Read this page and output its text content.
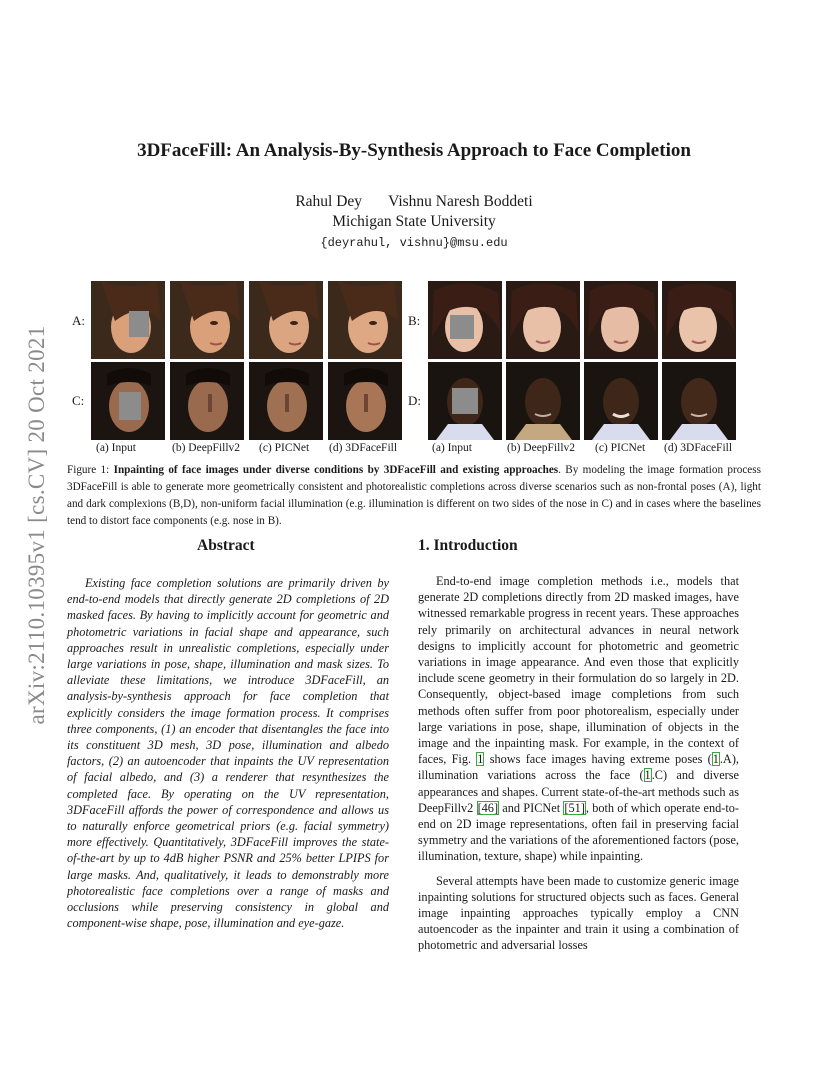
arXiv:2110.10395v1 [cs.CV] 20 Oct 2021
3DFaceFill: An Analysis-By-Synthesis Approach to Face Completion
Rahul Dey Vishnu Naresh Boddeti
Michigan State University
{deyrahul, vishnu}@msu.edu
A:	B:
C:	D:
(a) Input	(b) DeepFillv2 (c) PICNet (d) 3DFaceFill	(a) Input	(b) DeepFillv2 (c) PICNet (d) 3DFaceFill
Figure 1: Inpainting of face images under diverse conditions by 3DFaceFill and existing approaches. By modeling the image formation process 3DFaceFill is able to generate more geometrically consistent and photorealistic completions across diverse scenarios such as non-frontal poses (A), light and dark complexions (B,D), non-uniform facial illumination (e.g. illumination is different on two sides of the nose in C) and in cases where the baselines tend to distort face components (e.g. nose in B).
Abstract
Existing face completion solutions are primarily driven by end-to-end models that directly generate 2D completions of 2D masked faces. By having to implicitly account for geometric and photometric variations in facial shape and appearance, such approaches result in unrealistic completions, especially under large variations in pose, shape, illumination and mask sizes. To alleviate these limitations, we introduce 3DFaceFill, an analysis-by-synthesis approach for face completion that explicitly considers the image formation process. It comprises three components, (1) an encoder that disentangles the face into its constituent 3D mesh, 3D pose, illumination and albedo factors, (2) an autoencoder that inpaints the UV representation of facial albedo, and (3) a renderer that resynthesizes the completed face. By operating on the UV representation, 3DFaceFill affords the power of correspondence and allows us to naturally enforce geometrical priors (e.g. facial symmetry) more effectively. Quantitatively, 3DFaceFill improves the state-of-the-art by up to 4dB higher PSNR and 25% better LPIPS for large masks. And, qualitatively, it leads to demonstrably more photorealistic face completions over a range of masks and occlusions while preserving consistency in global and component-wise shape, pose, illumination and eye-gaze.
1. Introduction

End-to-end image completion methods i.e., models that generate 2D completions directly from 2D masked images, have witnessed remarkable progress in recent years. These approaches rely primarily on architectural advances in neural network designs to implicitly account for photometric and geometric variations in image appearance. And even those that explicitly include scene geometry in their formulation do so largely in 2D. Consequently, object-based image completions from such methods often suffer from poor photorealism, especially under large variations in pose, shape, illumination of objects in the image and the inpainting mask. For example, in the context of faces, Fig. 1 shows face images having extreme poses (1.A), illumination variations across the face (1.C) and diverse appearances and shapes. Current state-of-the-art methods such as DeepFillv2 [46] and PICNet [51], both of which operate end-to-end on 2D image representations, often fail in preserving facial symmetry and the variations of the aforementioned factors (pose, illumination, texture, shape) while inpainting.

Several attempts have been made to customize generic image inpainting solutions for structured objects such as faces. General image inpainting approaches typically employ a CNN autoencoder as the inpainter and train it using a combination of photometric and adversarial losses
